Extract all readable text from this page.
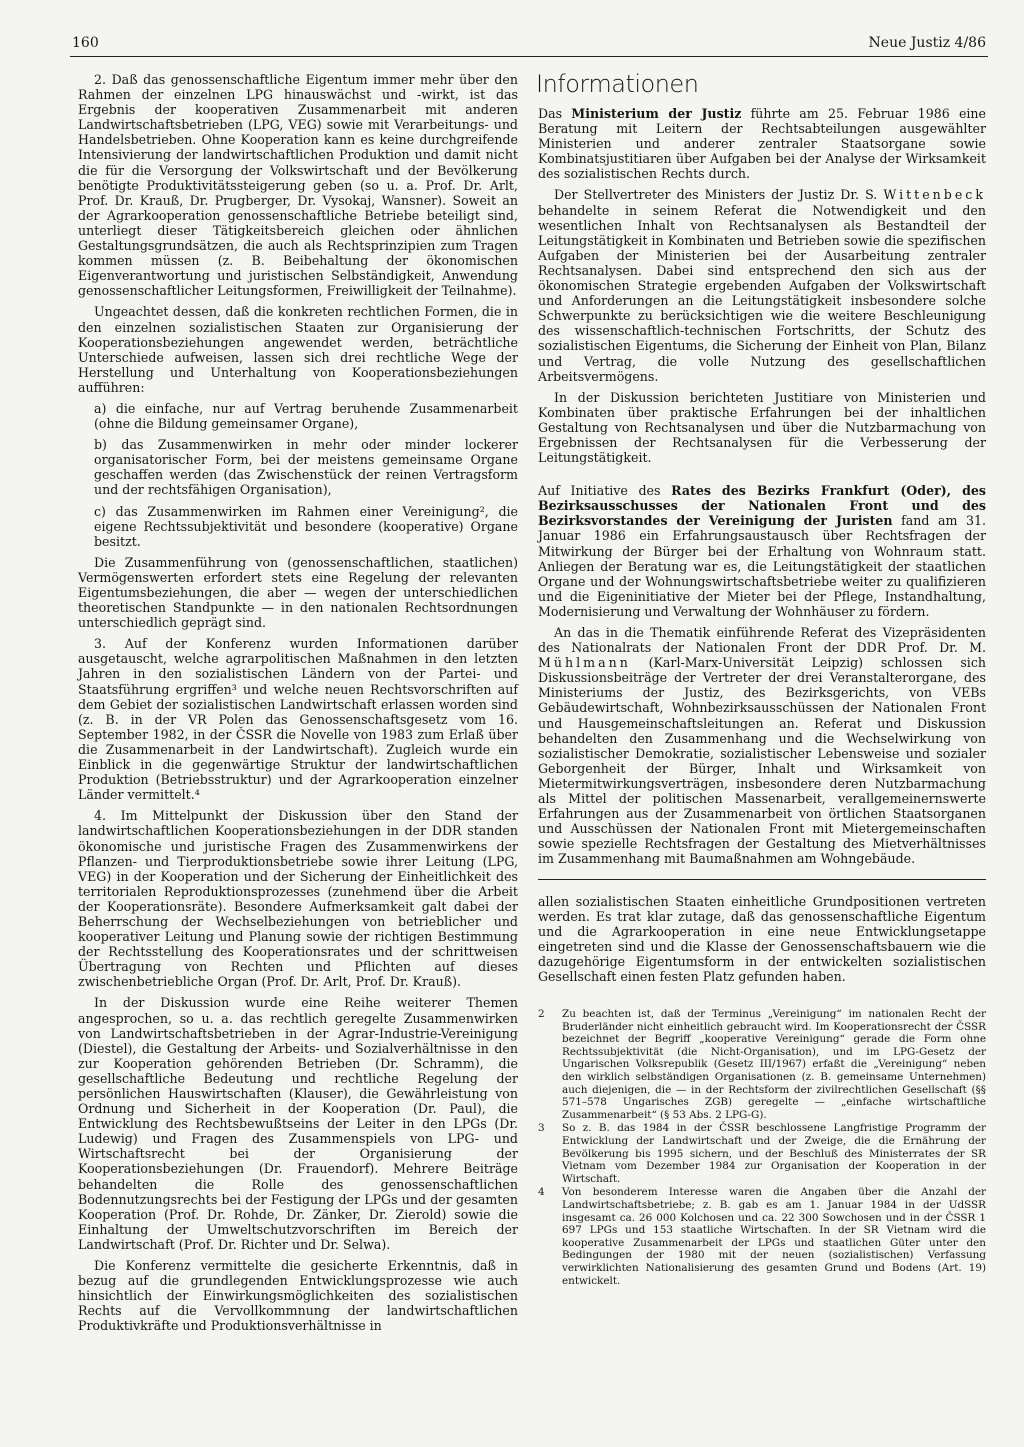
160	Neue Justiz 4/86

2. Daß das genossenschaftliche Eigentum immer mehr über den Rahmen der einzelnen LPG hinauswächst und -wirkt, ist das Ergebnis der kooperativen Zusammenarbeit mit anderen Landwirtschaftsbetrieben (LPG, VEG) sowie mit Verarbeitungs- und Handelsbetrieben. Ohne Kooperation kann es keine durchgreifende Intensivierung der landwirtschaftlichen Produktion und damit nicht die für die Versorgung der Volkswirtschaft und der Bevölkerung benötigte Produktivitätssteigerung geben (so u. a. Prof. Dr. Arlt, Prof. Dr. Krauß, Dr. Prugberger, Dr. Vysokaj, Wansner). Soweit an der Agrarkooperation genossenschaftliche Betriebe beteiligt sind, unterliegt dieser Tätigkeitsbereich gleichen oder ähnlichen Gestaltungsgrundsätzen, die auch als Rechtsprinzipien zum Tragen kommen müssen (z. B. Beibehaltung der ökonomischen Eigenverantwortung und juristischen Selbständigkeit, Anwendung genossenschaftlicher Leitungsformen, Freiwilligkeit der Teilnahme).

Ungeachtet dessen, daß die konkreten rechtlichen Formen, die in den einzelnen sozialistischen Staaten zur Organisierung der Kooperationsbeziehungen angewendet werden, beträchtliche Unterschiede aufweisen, lassen sich drei rechtliche Wege der Herstellung und Unterhaltung von Kooperationsbeziehungen aufführen:

a) die einfache, nur auf Vertrag beruhende Zusammenarbeit (ohne die Bildung gemeinsamer Organe),
b) das Zusammenwirken in mehr oder minder lockerer organisatorischer Form, bei der meistens gemeinsame Organe geschaffen werden (das Zwischenstück der reinen Vertragsform und der rechtsfähigen Organisation),
c) das Zusammenwirken im Rahmen einer Vereinigung², die eigene Rechtssubjektivität und besondere (kooperative) Organe besitzt.

Die Zusammenführung von (genossenschaftlichen, staatlichen) Vermögenswerten erfordert stets eine Regelung der relevanten Eigentumsbeziehungen, die aber — wegen der unterschiedlichen theoretischen Standpunkte — in den nationalen Rechtsordnungen unterschiedlich geprägt sind.

3. Auf der Konferenz wurden Informationen darüber ausgetauscht, welche agrarpolitischen Maßnahmen in den letzten Jahren in den sozialistischen Ländern von der Partei- und Staatsführung ergriffen³ und welche neuen Rechtsvorschriften auf dem Gebiet der sozialistischen Landwirtschaft erlassen worden sind (z. B. in der VR Polen das Genossenschaftsgesetz vom 16. September 1982, in der ČSSR die Novelle von 1983 zum Erlaß über die Zusammenarbeit in der Landwirtschaft). Zugleich wurde ein Einblick in die gegenwärtige Struktur der landwirtschaftlichen Produktion (Betriebsstruktur) und der Agrarkooperation einzelner Länder vermittelt.⁴

4. Im Mittelpunkt der Diskussion über den Stand der landwirtschaftlichen Kooperationsbeziehungen in der DDR standen ökonomische und juristische Fragen des Zusammenwirkens der Pflanzen- und Tierproduktionsbetriebe sowie ihrer Leitung (LPG, VEG) in der Kooperation und der Sicherung der Einheitlichkeit des territorialen Reproduktionsprozesses (zunehmend über die Arbeit der Kooperationsräte). Besondere Aufmerksamkeit galt dabei der Beherrschung der Wechselbeziehungen von betrieblicher und kooperativer Leitung und Planung sowie der richtigen Bestimmung der Rechtsstellung des Kooperationsrates und der schrittweisen Übertragung von Rechten und Pflichten auf dieses zwischenbetriebliche Organ (Prof. Dr. Arlt, Prof. Dr. Krauß).

In der Diskussion wurde eine Reihe weiterer Themen angesprochen, so u. a. das rechtlich geregelte Zusammenwirken von Landwirtschaftsbetrieben in der Agrar-Industrie-Vereinigung (Diestel), die Gestaltung der Arbeits- und Sozialverhältnisse in den zur Kooperation gehörenden Betrieben (Dr. Schramm), die gesellschaftliche Bedeutung und rechtliche Regelung der persönlichen Hauswirtschaften (Klauser), die Gewährleistung von Ordnung und Sicherheit in der Kooperation (Dr. Paul), die Entwicklung des Rechtsbewußtseins der Leiter in den LPGs (Dr. Ludewig) und Fragen des Zusammenspiels von LPG- und Wirtschaftsrecht bei der Organisierung der Kooperationsbeziehungen (Dr. Frauendorf). Mehrere Beiträge behandelten die Rolle des genossenschaftlichen Bodennutzungsrechts bei der Festigung der LPGs und der gesamten Kooperation (Prof. Dr. Rohde, Dr. Zänker, Dr. Zierold) sowie die Einhaltung der Umweltschutzvorschriften im Bereich der Landwirtschaft (Prof. Dr. Richter und Dr. Selwa).

Die Konferenz vermittelte die gesicherte Erkenntnis, daß in bezug auf die grundlegenden Entwicklungsprozesse wie auch hinsichtlich der Einwirkungsmöglichkeiten des sozialistischen Rechts auf die Vervollkommnung der landwirtschaftlichen Produktivkräfte und Produktionsverhältnisse in

Informationen

Das Ministerium der Justiz führte am 25. Februar 1986 eine Beratung mit Leitern der Rechtsabteilungen ausgewählter Ministerien und anderer zentraler Staatsorgane sowie Kombinatsjustitiaren über Aufgaben bei der Analyse der Wirksamkeit des sozialistischen Rechts durch.

Der Stellvertreter des Ministers der Justiz Dr. S. Wittenbeck behandelte in seinem Referat die Notwendigkeit und den wesentlichen Inhalt von Rechtsanalysen als Bestandteil der Leitungstätigkeit in Kombinaten und Betrieben sowie die spezifischen Aufgaben der Ministerien bei der Ausarbeitung zentraler Rechtsanalysen. Dabei sind entsprechend den sich aus der ökonomischen Strategie ergebenden Aufgaben der Volkswirtschaft und Anforderungen an die Leitungstätigkeit insbesondere solche Schwerpunkte zu berücksichtigen wie die weitere Beschleunigung des wissenschaftlich-technischen Fortschritts, der Schutz des sozialistischen Eigentums, die Sicherung der Einheit von Plan, Bilanz und Vertrag, die volle Nutzung des gesellschaftlichen Arbeitsvermögens.

In der Diskussion berichteten Justitiare von Ministerien und Kombinaten über praktische Erfahrungen bei der inhaltlichen Gestaltung von Rechtsanalysen und über die Nutzbarmachung von Ergebnissen der Rechtsanalysen für die Verbesserung der Leitungstätigkeit.

Auf Initiative des Rates des Bezirks Frankfurt (Oder), des Bezirksausschusses der Nationalen Front und des Bezirksvorstandes der Vereinigung der Juristen fand am 31. Januar 1986 ein Erfahrungsaustausch über Rechtsfragen der Mitwirkung der Bürger bei der Erhaltung von Wohnraum statt. Anliegen der Beratung war es, die Leitungstätigkeit der staatlichen Organe und der Wohnungswirtschaftsbetriebe weiter zu qualifizieren und die Eigeninitiative der Mieter bei der Pflege, Instandhaltung, Modernisierung und Verwaltung der Wohnhäuser zu fördern.

An das in die Thematik einführende Referat des Vizepräsidenten des Nationalrats der Nationalen Front der DDR Prof. Dr. M. Mühlmann (Karl-Marx-Universität Leipzig) schlossen sich Diskussionsbeiträge der Vertreter der drei Veranstalterorgane, des Ministeriums der Justiz, des Bezirksgerichts, von VEBs Gebäudewirtschaft, Wohnbezirksausschüssen der Nationalen Front und Hausgemeinschaftsleitungen an. Referat und Diskussion behandelten den Zusammenhang und die Wechselwirkung von sozialistischer Demokratie, sozialistischer Lebensweise und sozialer Geborgenheit der Bürger, Inhalt und Wirksamkeit von Mietermitwirkungsverträgen, insbesondere deren Nutzbarmachung als Mittel der politischen Massenarbeit, verallgemeinernswerte Erfahrungen aus der Zusammenarbeit von örtlichen Staatsorganen und Ausschüssen der Nationalen Front mit Mietergemeinschaften sowie spezielle Rechtsfragen der Gestaltung des Mietverhältnisses im Zusammenhang mit Baumaßnahmen am Wohngebäude.

allen sozialistischen Staaten einheitliche Grundpositionen vertreten werden. Es trat klar zutage, daß das genossenschaftliche Eigentum und die Agrarkooperation in eine neue Entwicklungsetappe eingetreten sind und die Klasse der Genossenschaftsbauern wie die dazugehörige Eigentumsform in der entwickelten sozialistischen Gesellschaft einen festen Platz gefunden haben.

2 Zu beachten ist, daß der Terminus „Vereinigung“ im nationalen Recht der Bruderländer nicht einheitlich gebraucht wird. Im Kooperationsrecht der ČSSR bezeichnet der Begriff „kooperative Vereinigung“ gerade die Form ohne Rechtssubjektivität (die Nicht-Organisation), und im LPG-Gesetz der Ungarischen Volksrepublik (Gesetz III/1967) erfaßt die „Vereinigung“ neben den wirklich selbständigen Organisationen (z. B. gemeinsame Unternehmen) auch diejenigen, die — in der Rechtsform der zivilrechtlichen Gesellschaft (§§ 571–578 Ungarisches ZGB) geregelte — „einfache wirtschaftliche Zusammenarbeit“ (§ 53 Abs. 2 LPG-G).
3 So z. B. das 1984 in der ČSSR beschlossene Langfristige Programm der Entwicklung der Landwirtschaft und der Zweige, die die Ernährung der Bevölkerung bis 1995 sichern, und der Beschluß des Ministerrates der SR Vietnam vom Dezember 1984 zur Organisation der Kooperation in der Wirtschaft.
4 Von besonderem Interesse waren die Angaben über die Anzahl der Landwirtschaftsbetriebe; z. B. gab es am 1. Januar 1984 in der UdSSR insgesamt ca. 26 000 Kolchosen und ca. 22 300 Sowchosen und in der ČSSR 1 697 LPGs und 153 staatliche Wirtschaften. In der SR Vietnam wird die kooperative Zusammenarbeit der LPGs und staatlichen Güter unter den Bedingungen der 1980 mit der neuen (sozialistischen) Verfassung verwirklichten Nationalisierung des gesamten Grund und Bodens (Art. 19) entwickelt.
